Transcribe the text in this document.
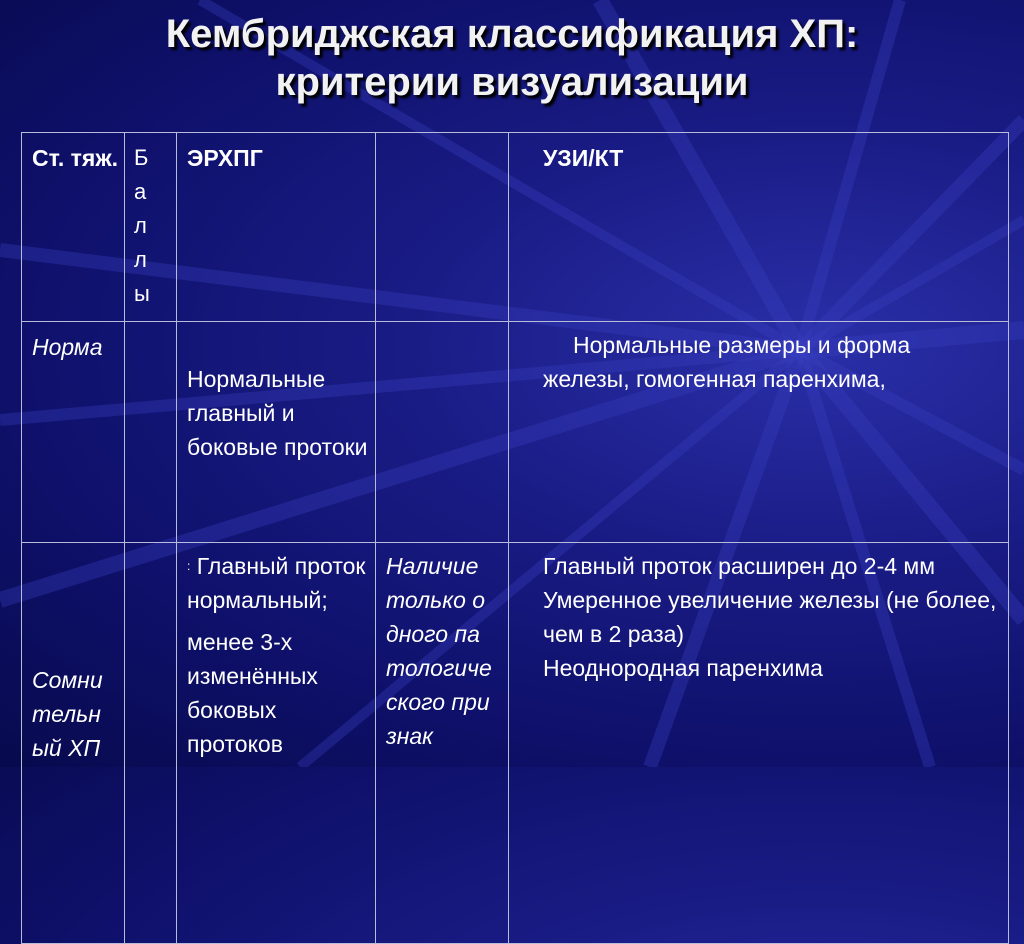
Кембриджская классификация ХП:
критерии визуализации
Ст. тяж.	Баллы	ЭРХПГ		УЗИ/КТ

Норма		Нормальные главный и боковые протоки		Нормальные размеры и форма
железы, гомогенная паренхима,

Сомнительный ХП		: Главный проток нормальный;
менее 3-х изменённых боковых протоков	Наличие только одного патологического признак	Главный проток расширен до 2-4 мм
Умеренное увеличение железы (не более, чем в 2 раза)
Неоднородная паренхима
